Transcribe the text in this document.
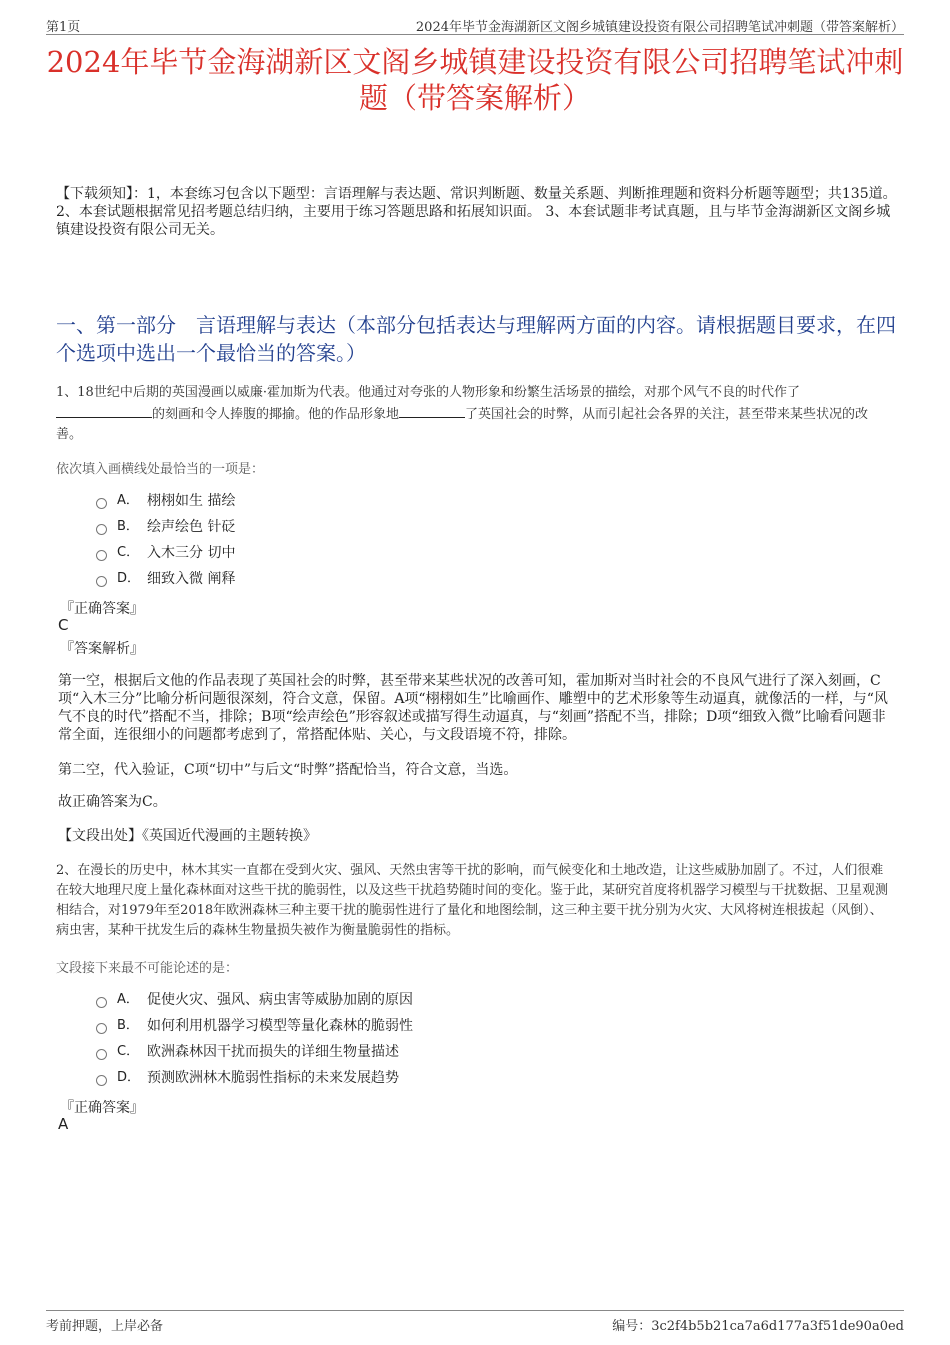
第1页	2024年毕节金海湖新区文阁乡城镇建设投资有限公司招聘笔试冲刺题（带答案解析）
2024年毕节金海湖新区文阁乡城镇建设投资有限公司招聘笔试冲刺题（带答案解析）

【下载须知】：1，本套练习包含以下题型：言语理解与表达题、常识判断题、数量关系题、判断推理题和资料分析题等题型；共135道。 2、本套试题根据常见招考题总结归纳，主要用于练习答题思路和拓展知识面。 3、本套试题非考试真题，且与毕节金海湖新区文阁乡城镇建设投资有限公司无关。

一、第一部分　言语理解与表达（本部分包括表达与理解两方面的内容。请根据题目要求，在四个选项中选出一个最恰当的答案。）

1、18世纪中后期的英国漫画以威廉·霍加斯为代表。他通过对夸张的人物形象和纷繁生活场景的描绘，对那个风气不良的时代作了的刻画和令人捧腹的揶揄。他的作品形象地	了英国社会的时弊，从而引起社会各界的关注，甚至带来某些状况的改善。

依次填入画横线处最恰当的一项是：

A． 栩栩如生 描绘
B． 绘声绘色 针砭
C． 入木三分 切中
D． 细致入微 阐释

『正确答案』

C

『答案解析』

第一空，根据后文他的作品表现了英国社会的时弊，甚至带来某些状况的改善可知，霍加斯对当时社会的不良风气进行了深入刻画，C项“入木三分”比喻分析问题很深刻，符合文意，保留。A项“栩栩如生”比喻画作、雕塑中的艺术形象等生动逼真，就像活的一样，与“风气不良的时代”搭配不当，排除；B项“绘声绘色”形容叙述或描写得生动逼真，与“刻画”搭配不当，排除；D项“细致入微”比喻看问题非常全面，连很细小的问题都考虑到了，常搭配体贴、关心，与文段语境不符，排除。

第二空，代入验证，C项“切中”与后文“时弊”搭配恰当，符合文意，当选。

故正确答案为C。

【文段出处】《英国近代漫画的主题转换》

2、在漫长的历史中，林木其实一直都在受到火灾、强风、天然虫害等干扰的影响，而气候变化和土地改造，让这些威胁加剧了。不过，人们很难在较大地理尺度上量化森林面对这些干扰的脆弱性，以及这些干扰趋势随时间的变化。鉴于此，某研究首度将机器学习模型与干扰数据、卫星观测相结合，对1979年至2018年欧洲森林三种主要干扰的脆弱性进行了量化和地图绘制，这三种主要干扰分别为火灾、大风将树连根拔起（风倒）、病虫害，某种干扰发生后的森林生物量损失被作为衡量脆弱性的指标。

文段接下来最不可能论述的是：

A． 促使火灾、强风、病虫害等威胁加剧的原因
B． 如何利用机器学习模型等量化森林的脆弱性
C． 欧洲森林因干扰而损失的详细生物量描述
D． 预测欧洲林木脆弱性指标的未来发展趋势

『正确答案』

A

考前押题，上岸必备	编号：3c2f4b5b21ca7a6d177a3f51de90a0ed
